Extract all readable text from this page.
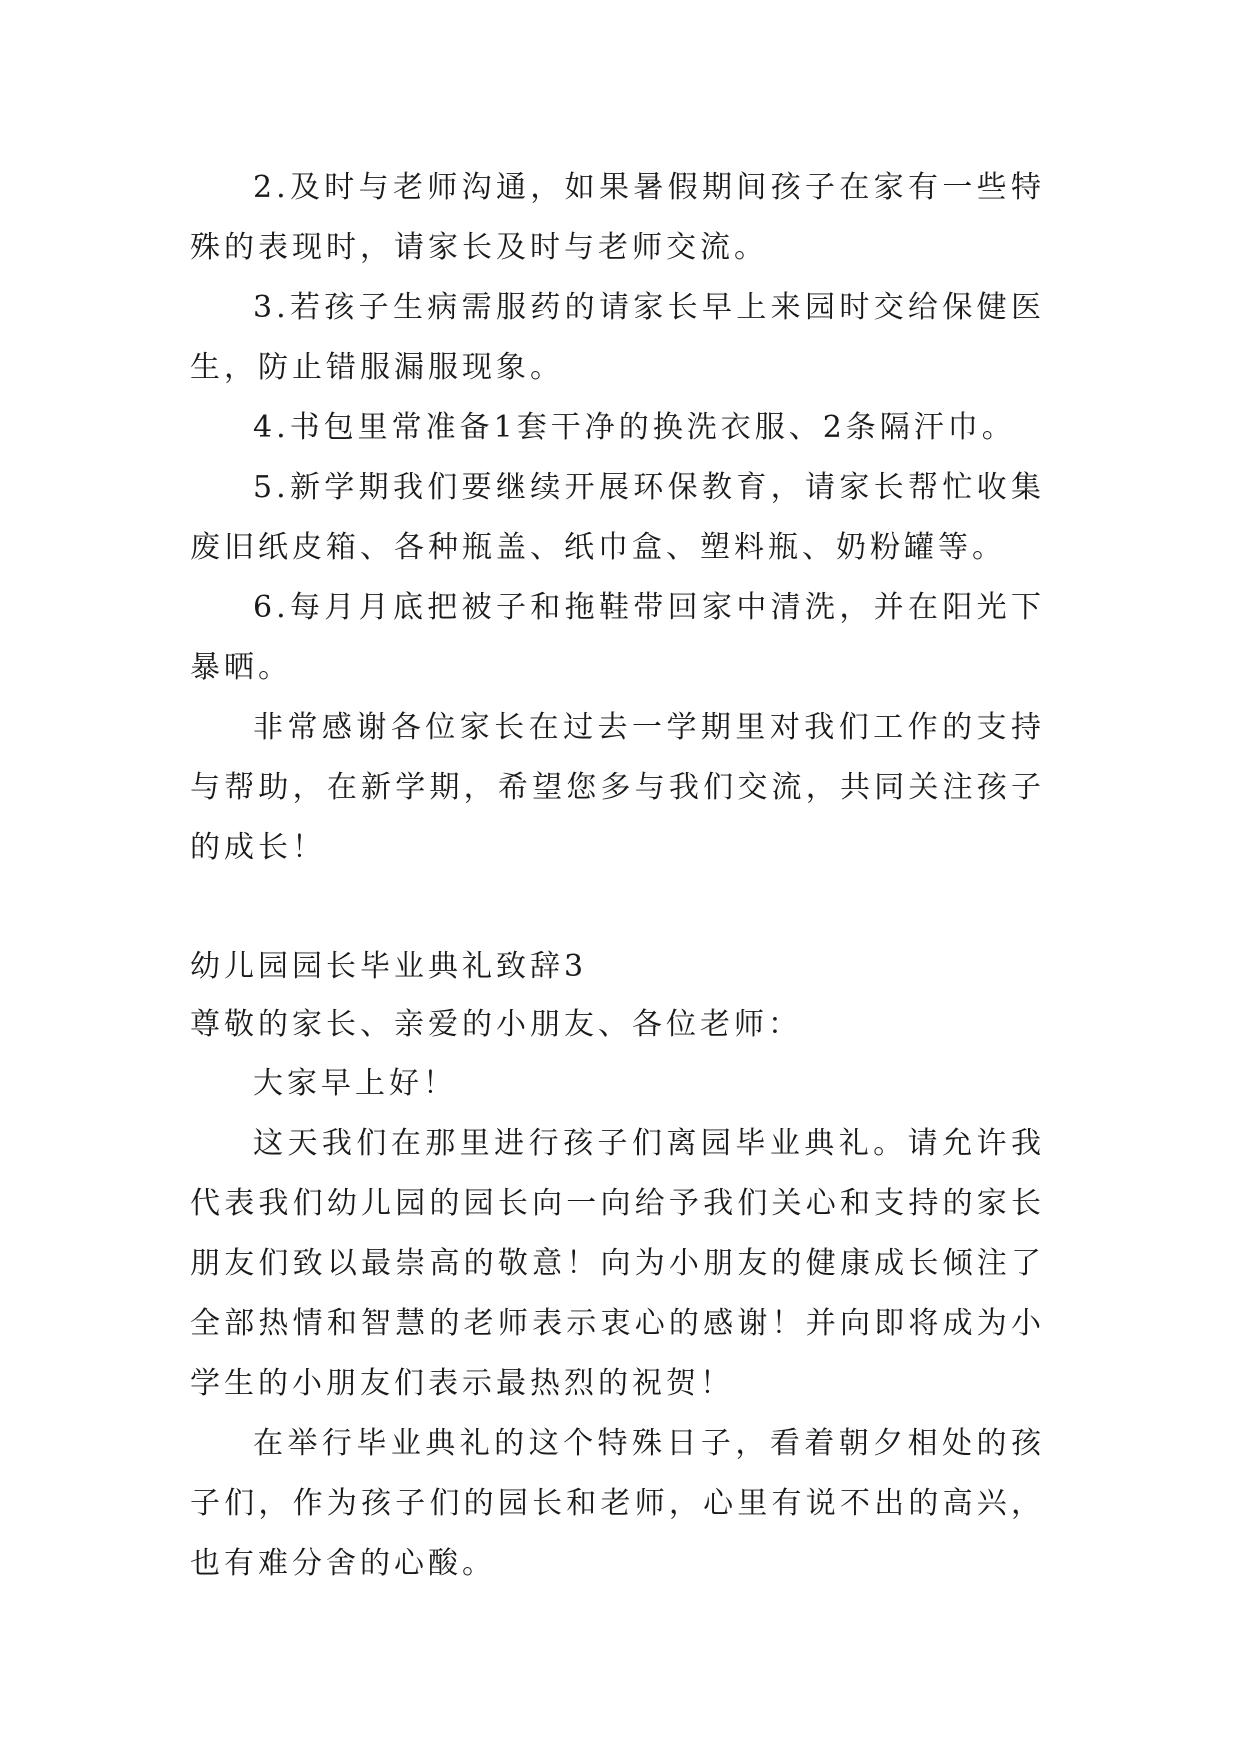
2.及时与老师沟通，如果暑假期间孩子在家有一些特殊的表现时，请家长及时与老师交流。

3.若孩子生病需服药的请家长早上来园时交给保健医生，防止错服漏服现象。

4.书包里常准备1套干净的换洗衣服、2条隔汗巾。

5.新学期我们要继续开展环保教育，请家长帮忙收集废旧纸皮箱、各种瓶盖、纸巾盒、塑料瓶、奶粉罐等。

6.每月月底把被子和拖鞋带回家中清洗，并在阳光下暴晒。

非常感谢各位家长在过去一学期里对我们工作的支持与帮助，在新学期，希望您多与我们交流，共同关注孩子的成长！

幼儿园园长毕业典礼致辞3

尊敬的家长、亲爱的小朋友、各位老师：

大家早上好！

这天我们在那里进行孩子们离园毕业典礼。请允许我代表我们幼儿园的园长向一向给予我们关心和支持的家长朋友们致以最崇高的敬意！向为小朋友的健康成长倾注了全部热情和智慧的老师表示衷心的感谢！并向即将成为小学生的小朋友们表示最热烈的祝贺！

在举行毕业典礼的这个特殊日子，看着朝夕相处的孩子们，作为孩子们的园长和老师，心里有说不出的高兴，也有难分舍的心酸。
